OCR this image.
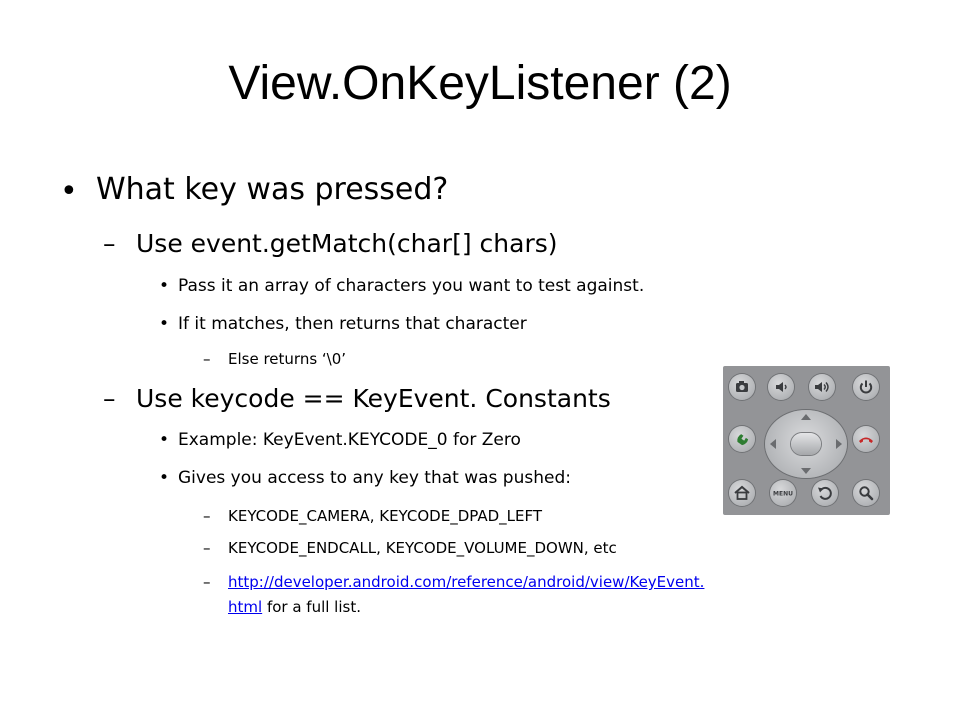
View.OnKeyListener (2)
• What key was pressed?
– Use event.getMatch(char[] chars)
• Pass it an array of characters you want to test against.
• If it matches, then returns that character
– Else returns ‘\0’
– Use keycode == KeyEvent. Constants
• Example: KeyEvent.KEYCODE_0 for Zero
• Gives you access to any key that was pushed:
– KEYCODE_CAMERA, KEYCODE_DPAD_LEFT
– KEYCODE_ENDCALL, KEYCODE_VOLUME_DOWN, etc
– http://developer.android.com/reference/android/view/KeyEvent.
html for a full list.
MENU
